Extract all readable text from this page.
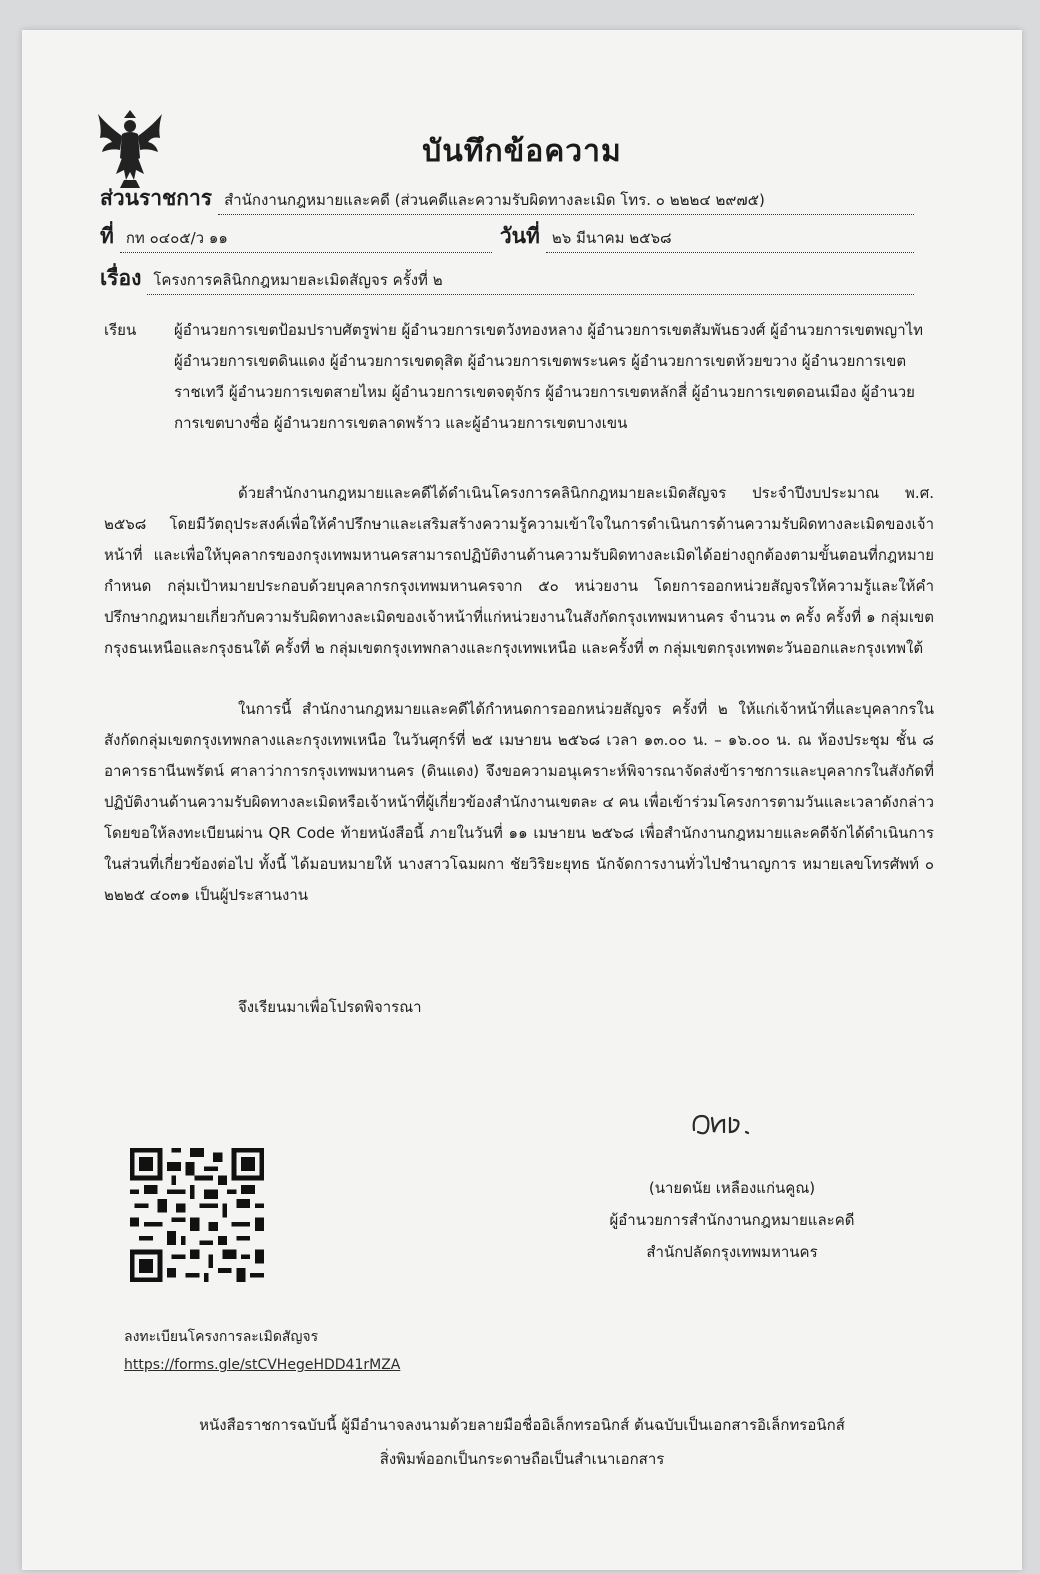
บันทึกข้อความ
ส่วนราชการ สำนักงานกฎหมายและคดี (ส่วนคดีและความรับผิดทางละเมิด โทร. ๐ ๒๒๒๔ ๒๙๗๕)
ที่ กท ๐๔๐๕/ว ๑๑	วันที่ ๒๖ มีนาคม ๒๕๖๘
เรื่อง โครงการคลินิกกฎหมายละเมิดสัญจร ครั้งที่ ๒
เรียน	ผู้อำนวยการเขตป้อมปราบศัตรูพ่าย ผู้อำนวยการเขตวังทองหลาง ผู้อำนวยการเขตสัมพันธวงศ์ ผู้อำนวยการเขตพญาไท ผู้อำนวยการเขตดินแดง ผู้อำนวยการเขตดุสิต ผู้อำนวยการเขตพระนคร ผู้อำนวยการเขตห้วยขวาง ผู้อำนวยการเขตราชเทวี ผู้อำนวยการเขตสายไหม ผู้อำนวยการเขตจตุจักร ผู้อำนวยการเขตหลักสี่ ผู้อำนวยการเขตดอนเมือง ผู้อำนวยการเขตบางซื่อ ผู้อำนวยการเขตลาดพร้าว และผู้อำนวยการเขตบางเขน
ด้วยสำนักงานกฎหมายและคดีได้ดำเนินโครงการคลินิกกฎหมายละเมิดสัญจร ประจำปีงบประมาณ พ.ศ. ๒๕๖๘ โดยมีวัตถุประสงค์เพื่อให้คำปรึกษาและเสริมสร้างความรู้ความเข้าใจในการดำเนินการด้านความรับผิดทางละเมิดของเจ้าหน้าที่ และเพื่อให้บุคลากรของกรุงเทพมหานครสามารถปฏิบัติงานด้านความรับผิดทางละเมิดได้อย่างถูกต้องตามขั้นตอนที่กฎหมายกำหนด กลุ่มเป้าหมายประกอบด้วยบุคลากรกรุงเทพมหานครจาก ๕๐ หน่วยงาน โดยการออกหน่วยสัญจรให้ความรู้และให้คำปรึกษากฎหมายเกี่ยวกับความรับผิดทางละเมิดของเจ้าหน้าที่แก่หน่วยงานในสังกัดกรุงเทพมหานคร จำนวน ๓ ครั้ง ครั้งที่ ๑ กลุ่มเขตกรุงธนเหนือและกรุงธนใต้ ครั้งที่ ๒ กลุ่มเขตกรุงเทพกลางและกรุงเทพเหนือ และครั้งที่ ๓ กลุ่มเขตกรุงเทพตะวันออกและกรุงเทพใต้
ในการนี้ สำนักงานกฎหมายและคดีได้กำหนดการออกหน่วยสัญจร ครั้งที่ ๒ ให้แก่เจ้าหน้าที่และบุคลากรในสังกัดกลุ่มเขตกรุงเทพกลางและกรุงเทพเหนือ ในวันศุกร์ที่ ๒๕ เมษายน ๒๕๖๘ เวลา ๑๓.๐๐ น. – ๑๖.๐๐ น. ณ ห้องประชุม ชั้น ๘ อาคารธานีนพรัตน์ ศาลาว่าการกรุงเทพมหานคร (ดินแดง) จึงขอความอนุเคราะห์พิจารณาจัดส่งข้าราชการและบุคลากรในสังกัดที่ปฏิบัติงานด้านความรับผิดทางละเมิดหรือเจ้าหน้าที่ผู้เกี่ยวข้องสำนักงานเขตละ ๔ คน เพื่อเข้าร่วมโครงการตามวันและเวลาดังกล่าว โดยขอให้ลงทะเบียนผ่าน QR Code ท้ายหนังสือนี้ ภายในวันที่ ๑๑ เมษายน ๒๕๖๘ เพื่อสำนักงานกฎหมายและคดีจักได้ดำเนินการในส่วนที่เกี่ยวข้องต่อไป ทั้งนี้ ได้มอบหมายให้ นางสาวโฉมผกา ชัยวิริยะยุทธ นักจัดการงานทั่วไปชำนาญการ หมายเลขโทรศัพท์ ๐ ๒๒๒๕ ๔๐๓๑ เป็นผู้ประสานงาน
จึงเรียนมาเพื่อโปรดพิจารณา
(นายดนัย เหลืองแก่นคูณ)
ผู้อำนวยการสำนักงานกฎหมายและคดี
สำนักปลัดกรุงเทพมหานคร
ลงทะเบียนโครงการละเมิดสัญจร
https://forms.gle/stCVHegeHDD41rMZA
หนังสือราชการฉบับนี้ ผู้มีอำนาจลงนามด้วยลายมือชื่ออิเล็กทรอนิกส์ ต้นฉบับเป็นเอกสารอิเล็กทรอนิกส์
สิ่งพิมพ์ออกเป็นกระดาษถือเป็นสำเนาเอกสาร
